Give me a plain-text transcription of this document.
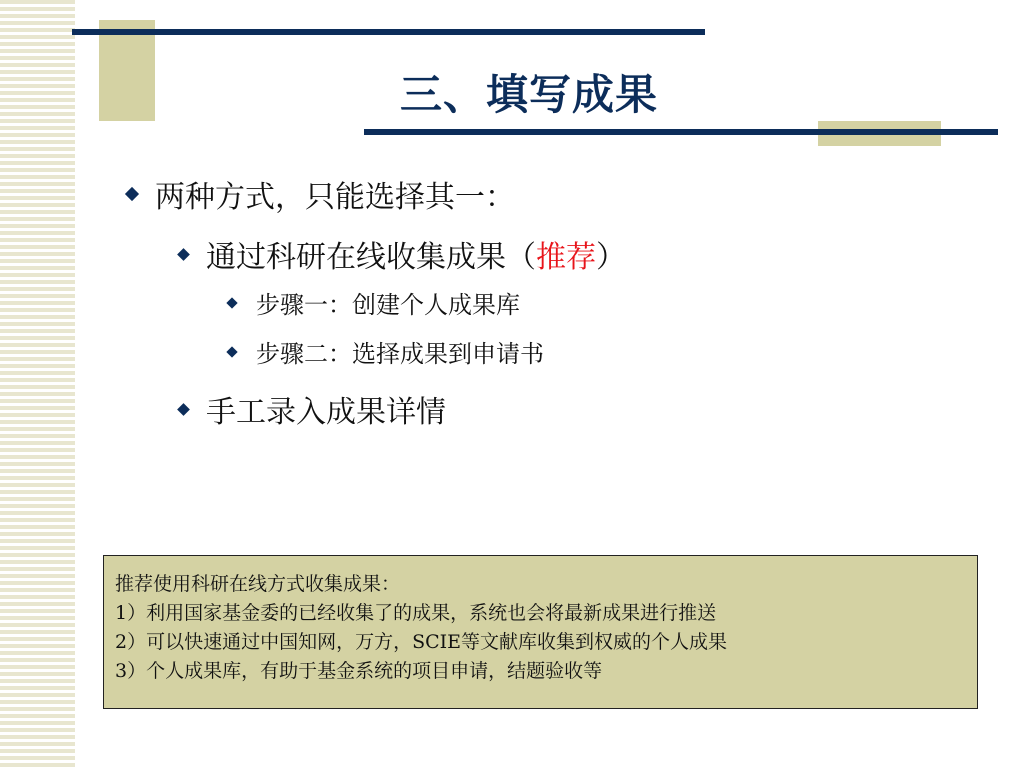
三、填写成果
两种方式，只能选择其一：
通过科研在线收集成果（ 推荐 ）
步骤一：创建个人成果库
步骤二：选择成果到申请书
手工录入成果详情
推荐使用科研在线方式收集成果：
1）利用国家基金委的已经收集了的成果，系统也会将最新成果进行推送
2）可以快速通过中国知网，万方，SCIE等文献库收集到权威的个人成果
3）个人成果库，有助于基金系统的项目申请，结题验收等
